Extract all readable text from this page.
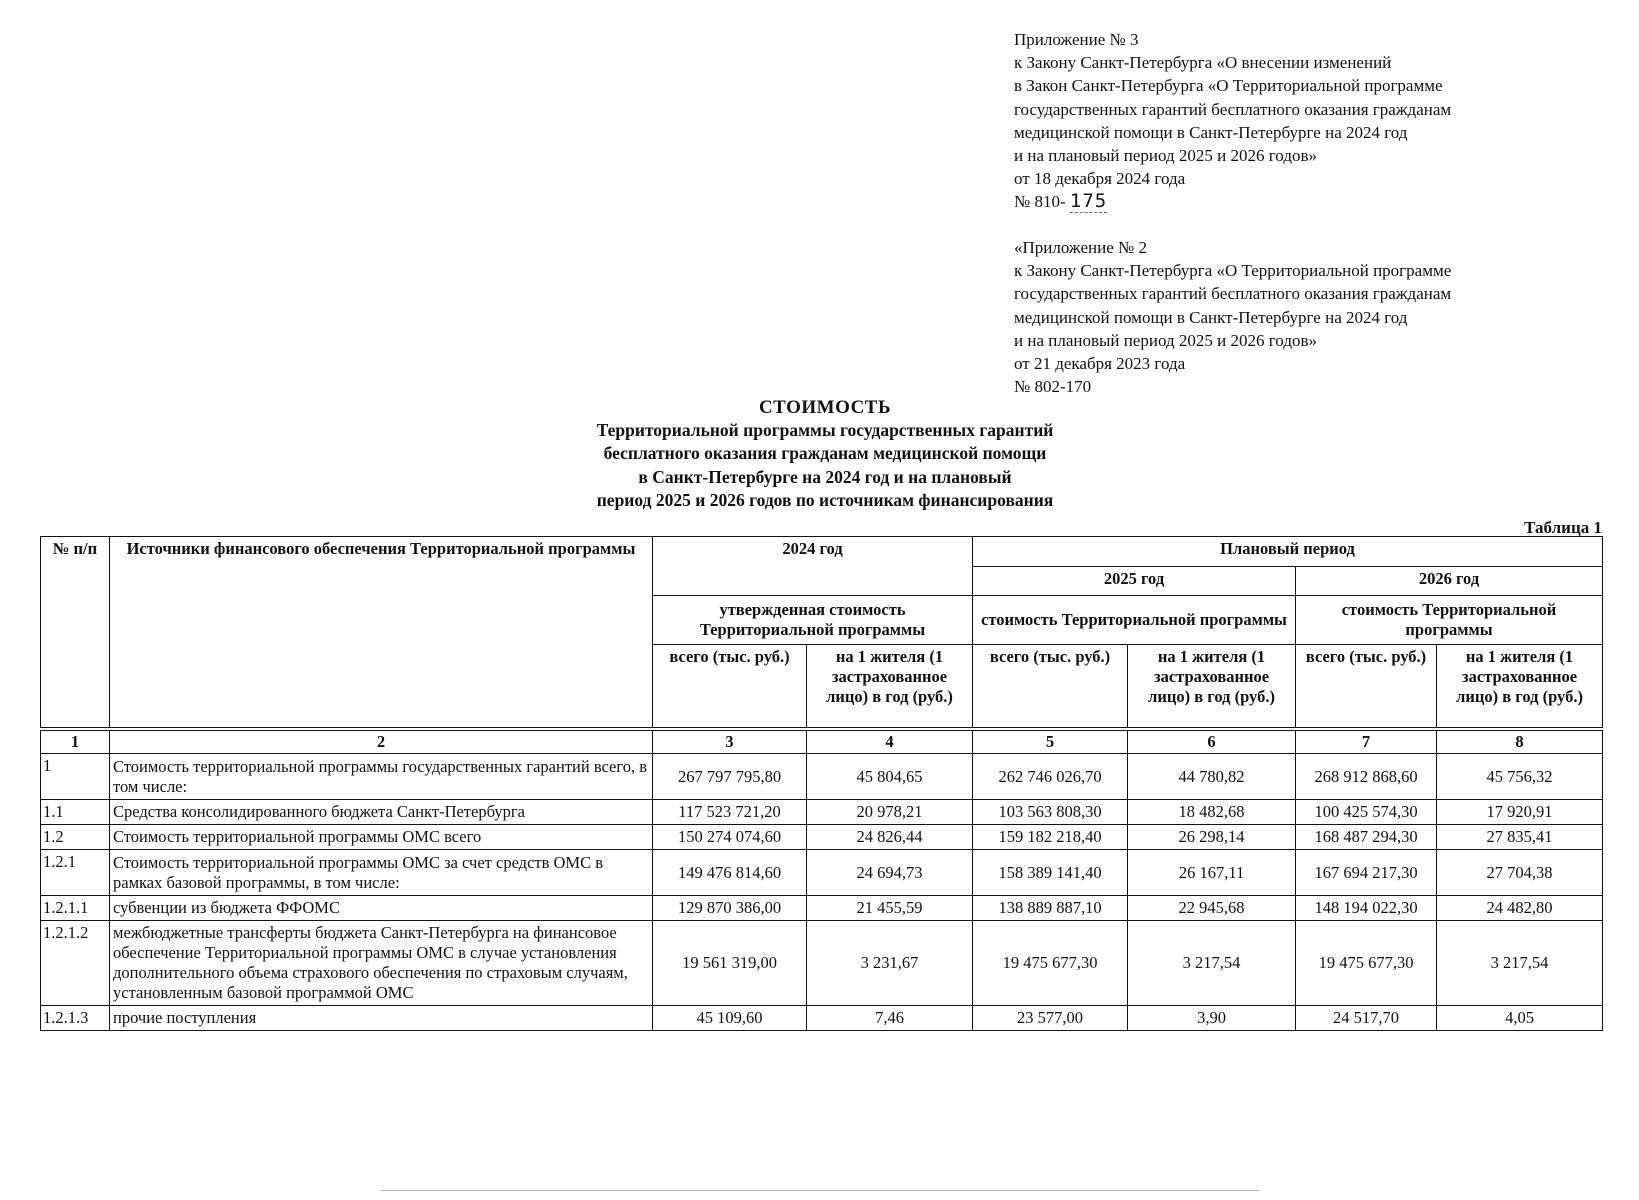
Приложение № 3
к Закону Санкт-Петербурга «О внесении изменений
в Закон Санкт-Петербурга «О Территориальной программе
государственных гарантий бесплатного оказания гражданам
медицинской помощи в Санкт-Петербурге на 2024 год
и на плановый период 2025 и 2026 годов»
от 18 декабря 2024 года
№ 810- 175
«Приложение № 2
к Закону Санкт-Петербурга «О Территориальной программе
государственных гарантий бесплатного оказания гражданам
медицинской помощи в Санкт-Петербурге на 2024 год
и на плановый период 2025 и 2026 годов»
от 21 декабря 2023 года
№ 802-170
СТОИМОСТЬ
Территориальной программы государственных гарантий
бесплатного оказания гражданам медицинской помощи
в Санкт-Петербурге на 2024 год и на плановый
период 2025 и 2026 годов по источникам финансирования
Таблица 1
№ п/п	Источники финансового обеспечения Территориальной программы	2024 год		Плановый период			
				2025 год		2026 год	
		утвержденная стоимость Территориальной программы		стоимость Территориальной программы		стоимость Территориальной программы	
		всего (тыс. руб.)	на 1 жителя (1 застрахованное лицо) в год (руб.)	всего (тыс. руб.)	на 1 жителя (1 застрахованное лицо) в год (руб.)	всего (тыс. руб.)	на 1 жителя (1 застрахованное лицо) в год (руб.)

1	2	3	4	5	6	7	8
1	Стоимость территориальной программы государственных гарантий всего, в том числе:	267 797 795,80	45 804,65	262 746 026,70	44 780,82	268 912 868,60	45 756,32
1.1	Средства консолидированного бюджета Санкт-Петербурга	117 523 721,20	20 978,21	103 563 808,30	18 482,68	100 425 574,30	17 920,91
1.2	Стоимость территориальной программы ОМС всего	150 274 074,60	24 826,44	159 182 218,40	26 298,14	168 487 294,30	27 835,41
1.2.1	Стоимость территориальной программы ОМС за счет средств ОМС в рамках базовой программы, в том числе:	149 476 814,60	24 694,73	158 389 141,40	26 167,11	167 694 217,30	27 704,38
1.2.1.1	субвенции из бюджета ФФОМС	129 870 386,00	21 455,59	138 889 887,10	22 945,68	148 194 022,30	24 482,80
1.2.1.2	межбюджетные трансферты бюджета Санкт-Петербурга на финансовое обеспечение Территориальной программы ОМС в случае установления дополнительного объема страхового обеспечения по страховым случаям, установленным базовой программой ОМС	19 561 319,00	3 231,67	19 475 677,30	3 217,54	19 475 677,30	3 217,54
1.2.1.3	прочие поступления	45 109,60	7,46	23 577,00	3,90	24 517,70	4,05
